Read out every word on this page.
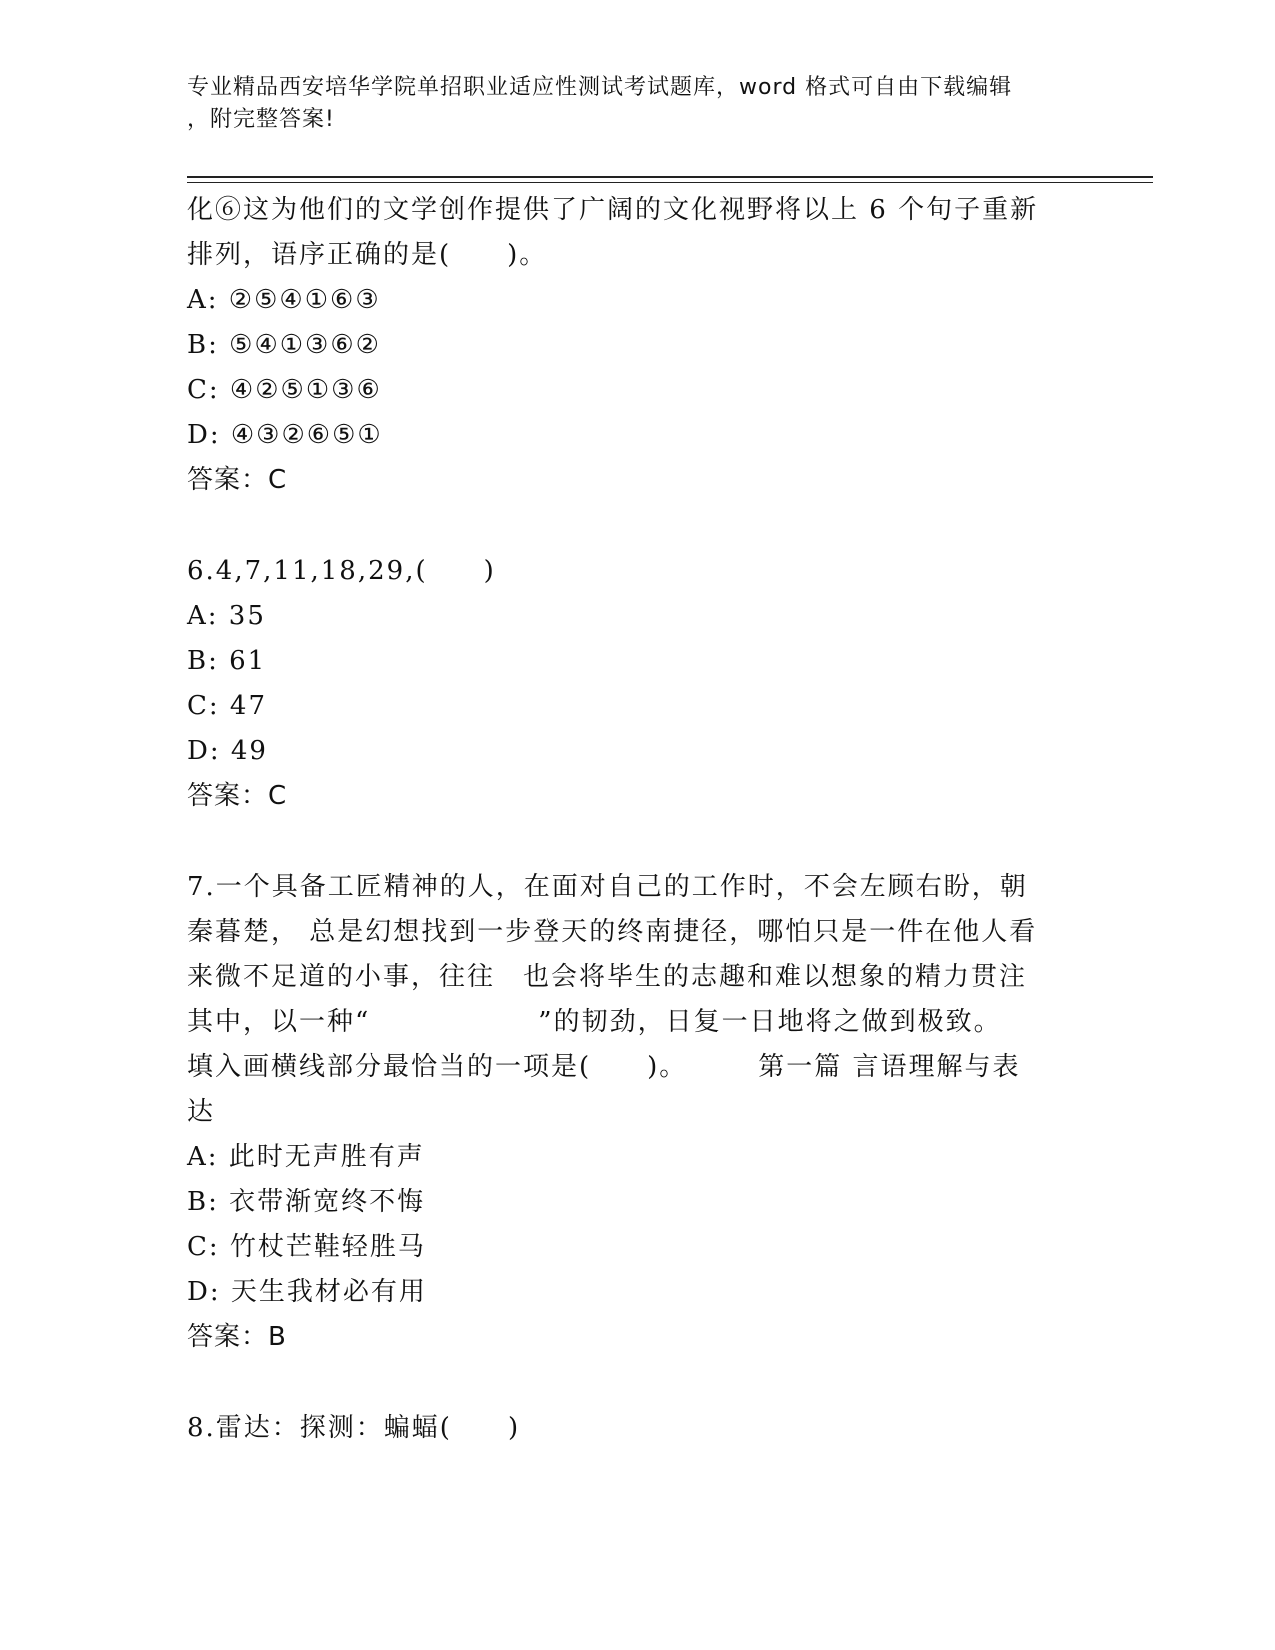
专业精品西安培华学院单招职业适应性测试考试题库，word 格式可自由下载编辑
，附完整答案!
化⑥这为他们的文学创作提供了广阔的文化视野将以上 6 个句子重新
排列，语序正确的是(　　)。
A: ②⑤④①⑥③
B: ⑤④①③⑥②
C: ④②⑤①③⑥
D: ④③②⑥⑤①
答案：C
6.4,7,11,18,29,(　　)
A: 35
B: 61
C: 47
D: 49
答案：C
7.一个具备工匠精神的人，在面对自己的工作时，不会左顾右盼，朝
秦暮楚， 总是幻想找到一步登天的终南捷径，哪怕只是一件在他人看
来微不足道的小事，往往　也会将毕生的志趣和难以想象的精力贯注
其中，以一种“　　　　　　”的韧劲，日复一日地将之做到极致。
填入画横线部分最恰当的一项是(　　)。　　　第一篇 言语理解与表
达
A: 此时无声胜有声
B: 衣带渐宽终不悔
C: 竹杖芒鞋轻胜马
D: 天生我材必有用
答案：B
8.雷达：探测：蝙蝠(　　)
